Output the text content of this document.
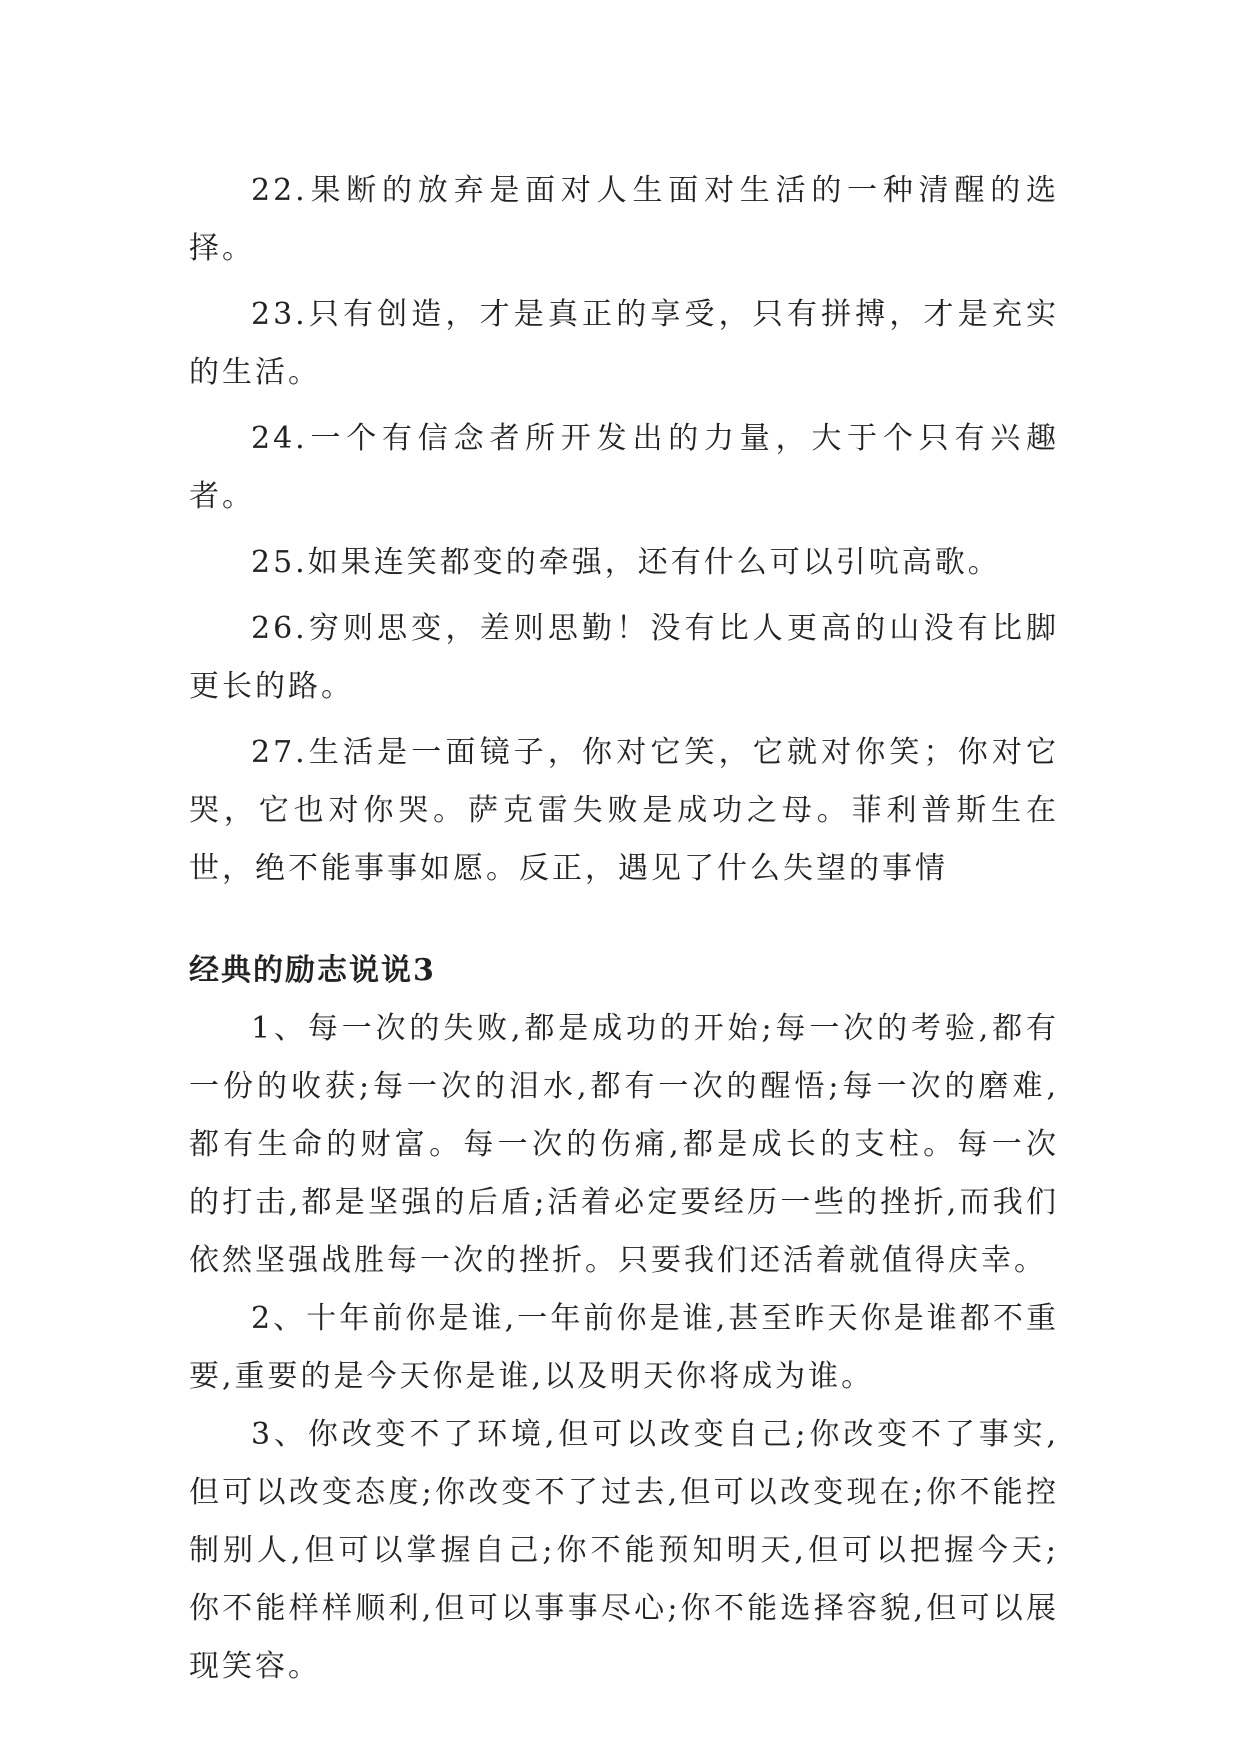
22.果断的放弃是面对人生面对生活的一种清醒的选择。

23.只有创造，才是真正的享受，只有拼搏，才是充实的生活。

24.一个有信念者所开发出的力量，大于个只有兴趣者。

25.如果连笑都变的牵强，还有什么可以引吭高歌。

26.穷则思变，差则思勤！没有比人更高的山没有比脚更长的路。

27.生活是一面镜子，你对它笑，它就对你笑；你对它哭，它也对你哭。萨克雷失败是成功之母。菲利普斯生在世，绝不能事事如愿。反正，遇见了什么失望的事情

经典的励志说说3

1、每一次的失败,都是成功的开始;每一次的考验,都有一份的收获;每一次的泪水,都有一次的醒悟;每一次的磨难,都有生命的财富。每一次的伤痛,都是成长的支柱。每一次的打击,都是坚强的后盾;活着必定要经历一些的挫折,而我们依然坚强战胜每一次的挫折。只要我们还活着就值得庆幸。

2、十年前你是谁,一年前你是谁,甚至昨天你是谁都不重要,重要的是今天你是谁,以及明天你将成为谁。

3、你改变不了环境,但可以改变自己;你改变不了事实,但可以改变态度;你改变不了过去,但可以改变现在;你不能控制别人,但可以掌握自己;你不能预知明天,但可以把握今天;你不能样样顺利,但可以事事尽心;你不能选择容貌,但可以展现笑容。
